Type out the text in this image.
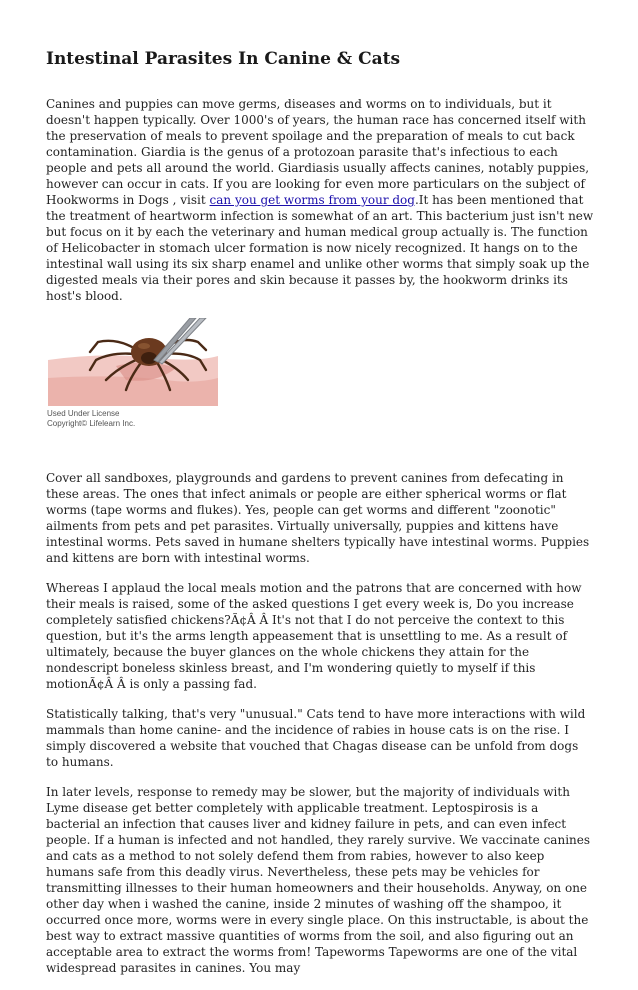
Intestinal Parasites In Canine & Cats

Canines and puppies can move germs, diseases and worms on to individuals, but it doesn't happen typically. Over 1000's of years, the human race has concerned itself with the preservation of meals to prevent spoilage and the preparation of meals to cut back contamination. Giardia is the genus of a protozoan parasite that's infectious to each people and pets all around the world. Giardiasis usually affects canines, notably puppies, however can occur in cats. If you are looking for even more particulars on the subject of Hookworms in Dogs , visit can you get worms from your dog.It has been mentioned that the treatment of heartworm infection is somewhat of an art. This bacterium just isn't new but focus on it by each the veterinary and human medical group actually is. The function of Helicobacter in stomach ulcer formation is now nicely recognized. It hangs on to the intestinal wall using its six sharp enamel and unlike other worms that simply soak up the digested meals via their pores and skin because it passes by, the hookworm drinks its host's blood.

Used Under License
Copyright© Lifelearn Inc.

Cover all sandboxes, playgrounds and gardens to prevent canines from defecating in these areas. The ones that infect animals or people are either spherical worms or flat worms (tape worms and flukes). Yes, people can get worms and different "zoonotic" ailments from pets and pet parasites. Virtually universally, puppies and kittens have intestinal worms. Pets saved in humane shelters typically have intestinal worms. Puppies and kittens are born with intestinal worms.

Whereas I applaud the local meals motion and the patrons that are concerned with how their meals is raised, some of the asked questions I get every week is, Do you increase completely satisfied chickens?Ã¢Â Â It's not that I do not perceive the context to this question, but it's the arms length appeasement that is unsettling to me. As a result of ultimately, because the buyer glances on the whole chickens they attain for the nondescript boneless skinless breast, and I'm wondering quietly to myself if this motionÃ¢Â Â is only a passing fad.

Statistically talking, that's very "unusual." Cats tend to have more interactions with wild mammals than home canine- and the incidence of rabies in house cats is on the rise. I simply discovered a website that vouched that Chagas disease can be unfold from dogs to humans.

In later levels, response to remedy may be slower, but the majority of individuals with Lyme disease get better completely with applicable treatment. Leptospirosis is a bacterial an infection that causes liver and kidney failure in pets, and can even infect people. If a human is infected and not handled, they rarely survive. We vaccinate canines and cats as a method to not solely defend them from rabies, however to also keep humans safe from this deadly virus. Nevertheless, these pets may be vehicles for transmitting illnesses to their human homeowners and their households. Anyway, on one other day when i washed the canine, inside 2 minutes of washing off the shampoo, it occurred once more, worms were in every single place. On this instructable, is about the best way to extract massive quantities of worms from the soil, and also figuring out an acceptable area to extract the worms from! Tapeworms Tapeworms are one of the vital widespread parasites in canines. You may
